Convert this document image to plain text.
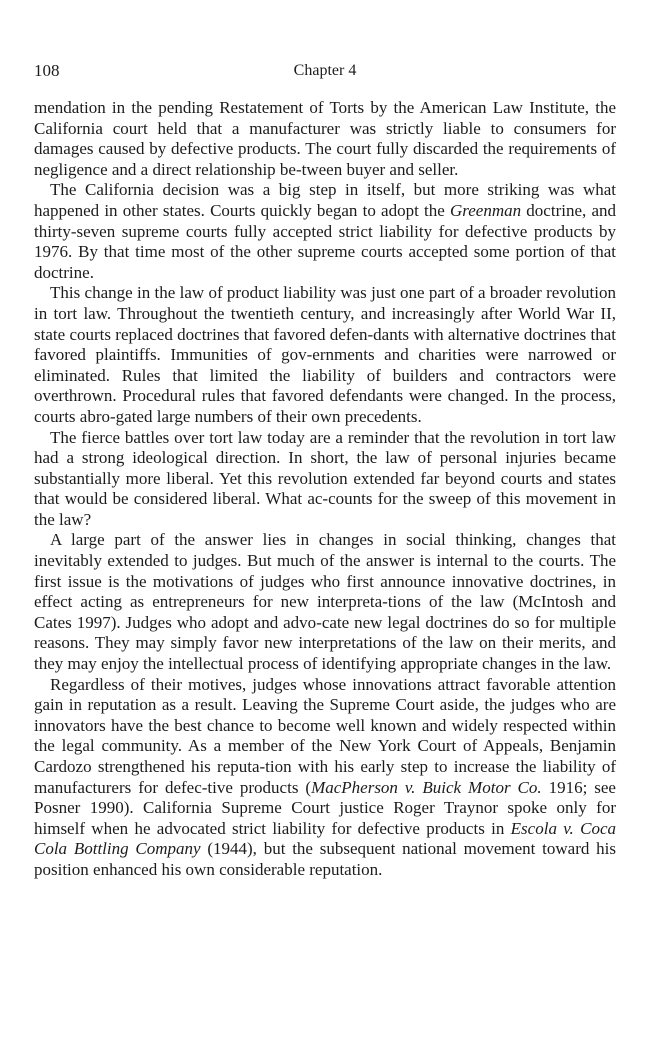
108	Chapter 4

mendation in the pending Restatement of Torts by the American Law Institute, the California court held that a manufacturer was strictly liable to consumers for damages caused by defective products. The court fully discarded the requirements of negligence and a direct relationship be-tween buyer and seller.

The California decision was a big step in itself, but more striking was what happened in other states. Courts quickly began to adopt the Greenman doctrine, and thirty-seven supreme courts fully accepted strict liability for defective products by 1976. By that time most of the other supreme courts accepted some portion of that doctrine.

This change in the law of product liability was just one part of a broader revolution in tort law. Throughout the twentieth century, and increasingly after World War II, state courts replaced doctrines that favored defen-dants with alternative doctrines that favored plaintiffs. Immunities of gov-ernments and charities were narrowed or eliminated. Rules that limited the liability of builders and contractors were overthrown. Procedural rules that favored defendants were changed. In the process, courts abro-gated large numbers of their own precedents.

The fierce battles over tort law today are a reminder that the revolution in tort law had a strong ideological direction. In short, the law of personal injuries became substantially more liberal. Yet this revolution extended far beyond courts and states that would be considered liberal. What ac-counts for the sweep of this movement in the law?

A large part of the answer lies in changes in social thinking, changes that inevitably extended to judges. But much of the answer is internal to the courts. The first issue is the motivations of judges who first announce innovative doctrines, in effect acting as entrepreneurs for new interpreta-tions of the law (McIntosh and Cates 1997). Judges who adopt and advo-cate new legal doctrines do so for multiple reasons. They may simply favor new interpretations of the law on their merits, and they may enjoy the intellectual process of identifying appropriate changes in the law.

Regardless of their motives, judges whose innovations attract favorable attention gain in reputation as a result. Leaving the Supreme Court aside, the judges who are innovators have the best chance to become well known and widely respected within the legal community. As a member of the New York Court of Appeals, Benjamin Cardozo strengthened his reputa-tion with his early step to increase the liability of manufacturers for defec-tive products (MacPherson v. Buick Motor Co. 1916; see Posner 1990). California Supreme Court justice Roger Traynor spoke only for himself when he advocated strict liability for defective products in Escola v. Coca Cola Bottling Company (1944), but the subsequent national movement toward his position enhanced his own considerable reputation.
